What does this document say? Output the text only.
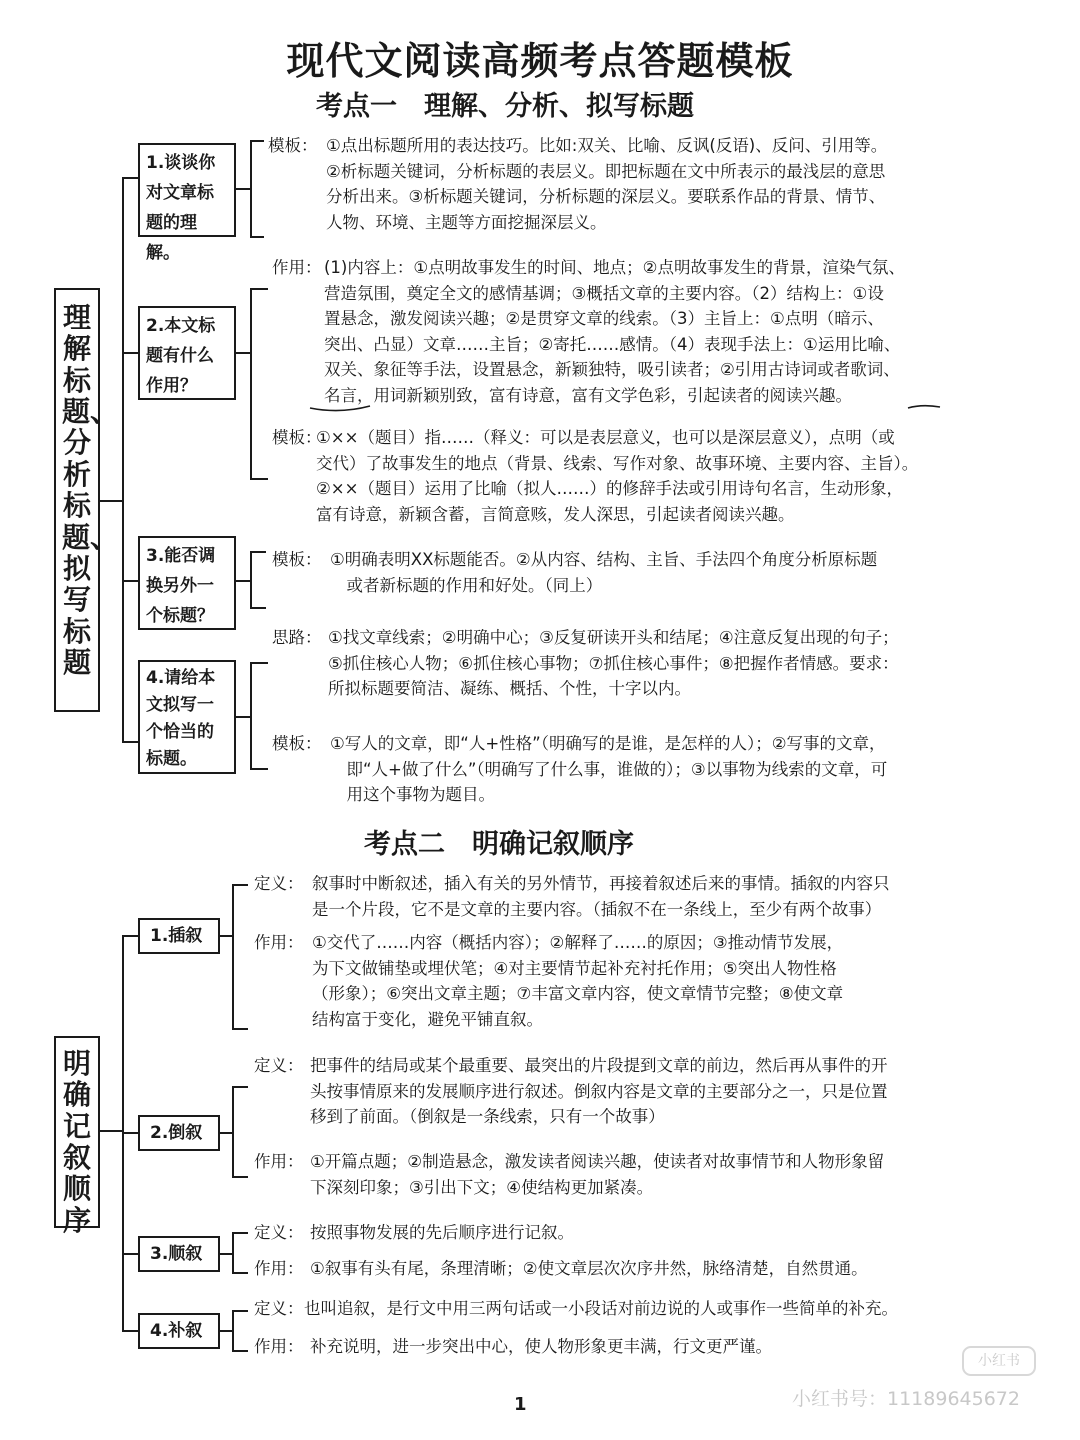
现代文阅读高频考点答题模板
考点一　理解、分析、拟写标题
考点二　明确记叙顺序
理解标题、分析标题、拟写标题
1.谈谈你
对文章标
题的理解。
2.本文标
题有什么
作用？
3.能否调
换另外一
个标题？
4.请给本
文拟写一
个恰当的
标题。
模板： ①点出标题所用的表达技巧。比如:双关、比喻、反讽(反语)、反问、引用等。
②析标题关键词，分析标题的表层义。即把标题在文中所表示的最浅层的意思
分析出来。③析标题关键词，分析标题的深层义。要联系作品的背景、情节、
人物、环境、主题等方面挖掘深层义。
作用： (1)内容上：①点明故事发生的时间、地点；②点明故事发生的背景，渲染气氛、
营造氛围，奠定全文的感情基调；③概括文章的主要内容。（2）结构上：①设
置悬念，激发阅读兴趣；②是贯穿文章的线索。（3）主旨上：①点明（暗示、
突出、凸显）文章……主旨；②寄托……感情。（4）表现手法上：①运用比喻、
双关、象征等手法，设置悬念，新颖独特，吸引读者；②引用古诗词或者歌词、
名言，用词新颖别致，富有诗意，富有文学色彩，引起读者的阅读兴趣。
模板：
①××（题目）指……（释义：可以是表层意义，也可以是深层意义），点明（或
交代）了故事发生的地点（背景、线索、写作对象、故事环境、主要内容、主旨）。
②××（题目）运用了比喻（拟人……）的修辞手法或引用诗句名言，生动形象，
富有诗意，新颖含蓄，言简意赅，发人深思，引起读者阅读兴趣。
模板： ①明确表明XX标题能否。②从内容、结构、主旨、手法四个角度分析原标题
　或者新标题的作用和好处。（同上）
思路： ①找文章线索；②明确中心；③反复研读开头和结尾；④注意反复出现的句子；
⑤抓住核心人物；⑥抓住核心事物；⑦抓住核心事件；⑧把握作者情感。要求：
所拟标题要简洁、凝练、概括、个性，十字以内。
模板： ①写人的文章，即“人+性格”（明确写的是谁，是怎样的人）；②写事的文章，
　即“人+做了什么”（明确写了什么事，谁做的）；③以事物为线索的文章，可
　用这个事物为题目。
明确记叙顺序
1.插叙
2.倒叙
3.顺叙
4.补叙
定义： 叙事时中断叙述，插入有关的另外情节，再接着叙述后来的事情。插叙的内容只
是一个片段，它不是文章的主要内容。（插叙不在一条线上，至少有两个故事）
作用： ①交代了……内容（概括内容）；②解释了……的原因；③推动情节发展，
为下文做铺垫或埋伏笔；④对主要情节起补充衬托作用；⑤突出人物性格
（形象）；⑥突出文章主题；⑦丰富文章内容，使文章情节完整；⑧使文章
结构富于变化，避免平铺直叙。
定义： 把事件的结局或某个最重要、最突出的片段提到文章的前边，然后再从事件的开
头按事情原来的发展顺序进行叙述。倒叙内容是文章的主要部分之一，只是位置
移到了前面。（倒叙是一条线索，只有一个故事）
作用： ①开篇点题；②制造悬念，激发读者阅读兴趣，使读者对故事情节和人物形象留
下深刻印象；③引出下文；④使结构更加紧凑。
定义： 按照事物发展的先后顺序进行记叙。
作用： ①叙事有头有尾，条理清晰；②使文章层次次序井然，脉络清楚，自然贯通。
定义： 也叫追叙，是行文中用三两句话或一小段话对前边说的人或事作一些简单的补充。
作用： 补充说明，进一步突出中心，使人物形象更丰满，行文更严谨。
1
小红书
小红书号：11189645672
